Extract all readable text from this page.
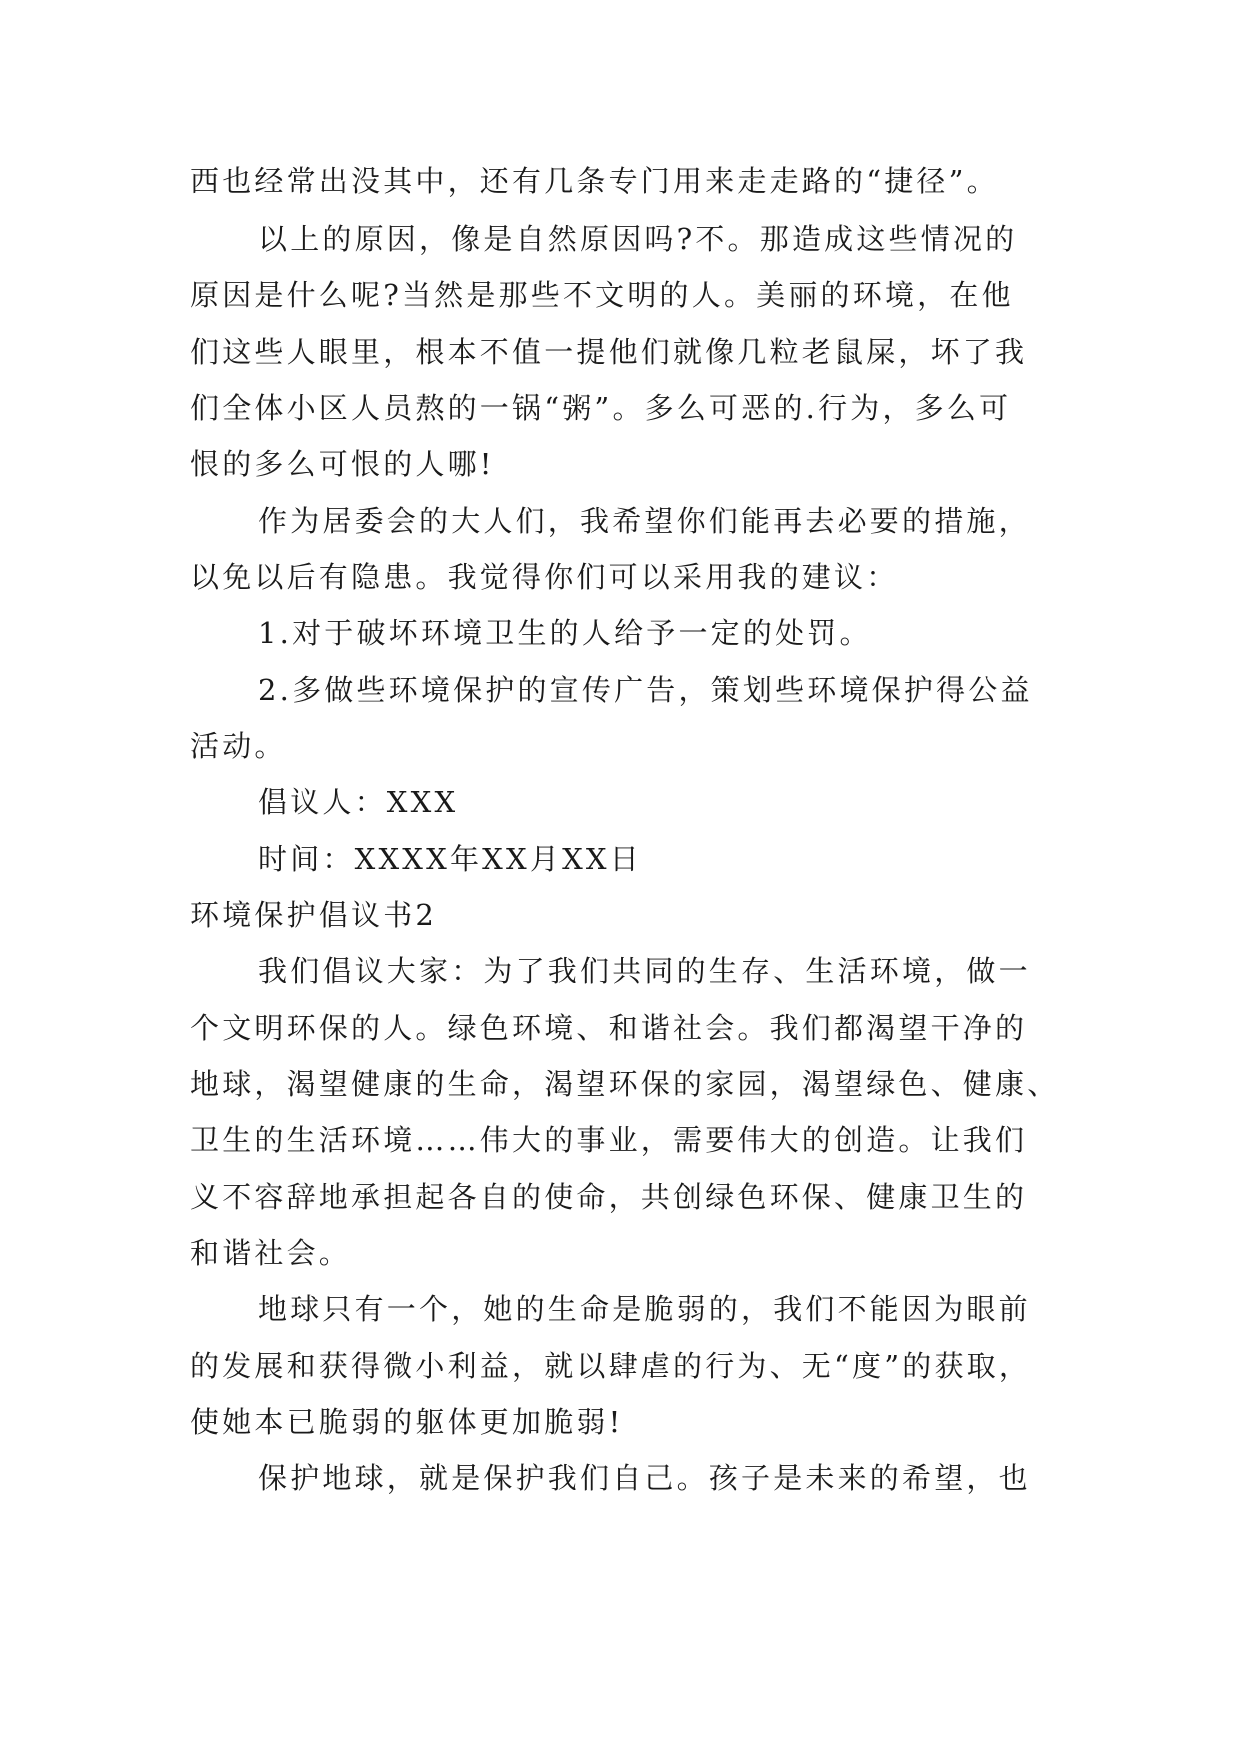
西也经常出没其中，还有几条专门用来走走路的“捷径”。
以上的原因，像是自然原因吗?不。那造成这些情况的
原因是什么呢?当然是那些不文明的人。美丽的环境，在他
们这些人眼里，根本不值一提他们就像几粒老鼠屎，坏了我
们全体小区人员熬的一锅“粥”。多么可恶的.行为，多么可
恨的多么可恨的人哪!
作为居委会的大人们，我希望你们能再去必要的措施，
以免以后有隐患。我觉得你们可以采用我的建议：
1.对于破坏环境卫生的人给予一定的处罚。
2.多做些环境保护的宣传广告，策划些环境保护得公益
活动。
倡议人：XXX
时间：XXXX年XX月XX日
环境保护倡议书2
我们倡议大家：为了我们共同的生存、生活环境，做一
个文明环保的人。绿色环境、和谐社会。我们都渴望干净的
地球，渴望健康的生命，渴望环保的家园，渴望绿色、健康、
卫生的生活环境……伟大的事业，需要伟大的创造。让我们
义不容辞地承担起各自的使命，共创绿色环保、健康卫生的
和谐社会。
地球只有一个，她的生命是脆弱的，我们不能因为眼前
的发展和获得微小利益，就以肆虐的行为、无“度”的获取，
使她本已脆弱的躯体更加脆弱!
保护地球，就是保护我们自己。孩子是未来的希望，也
